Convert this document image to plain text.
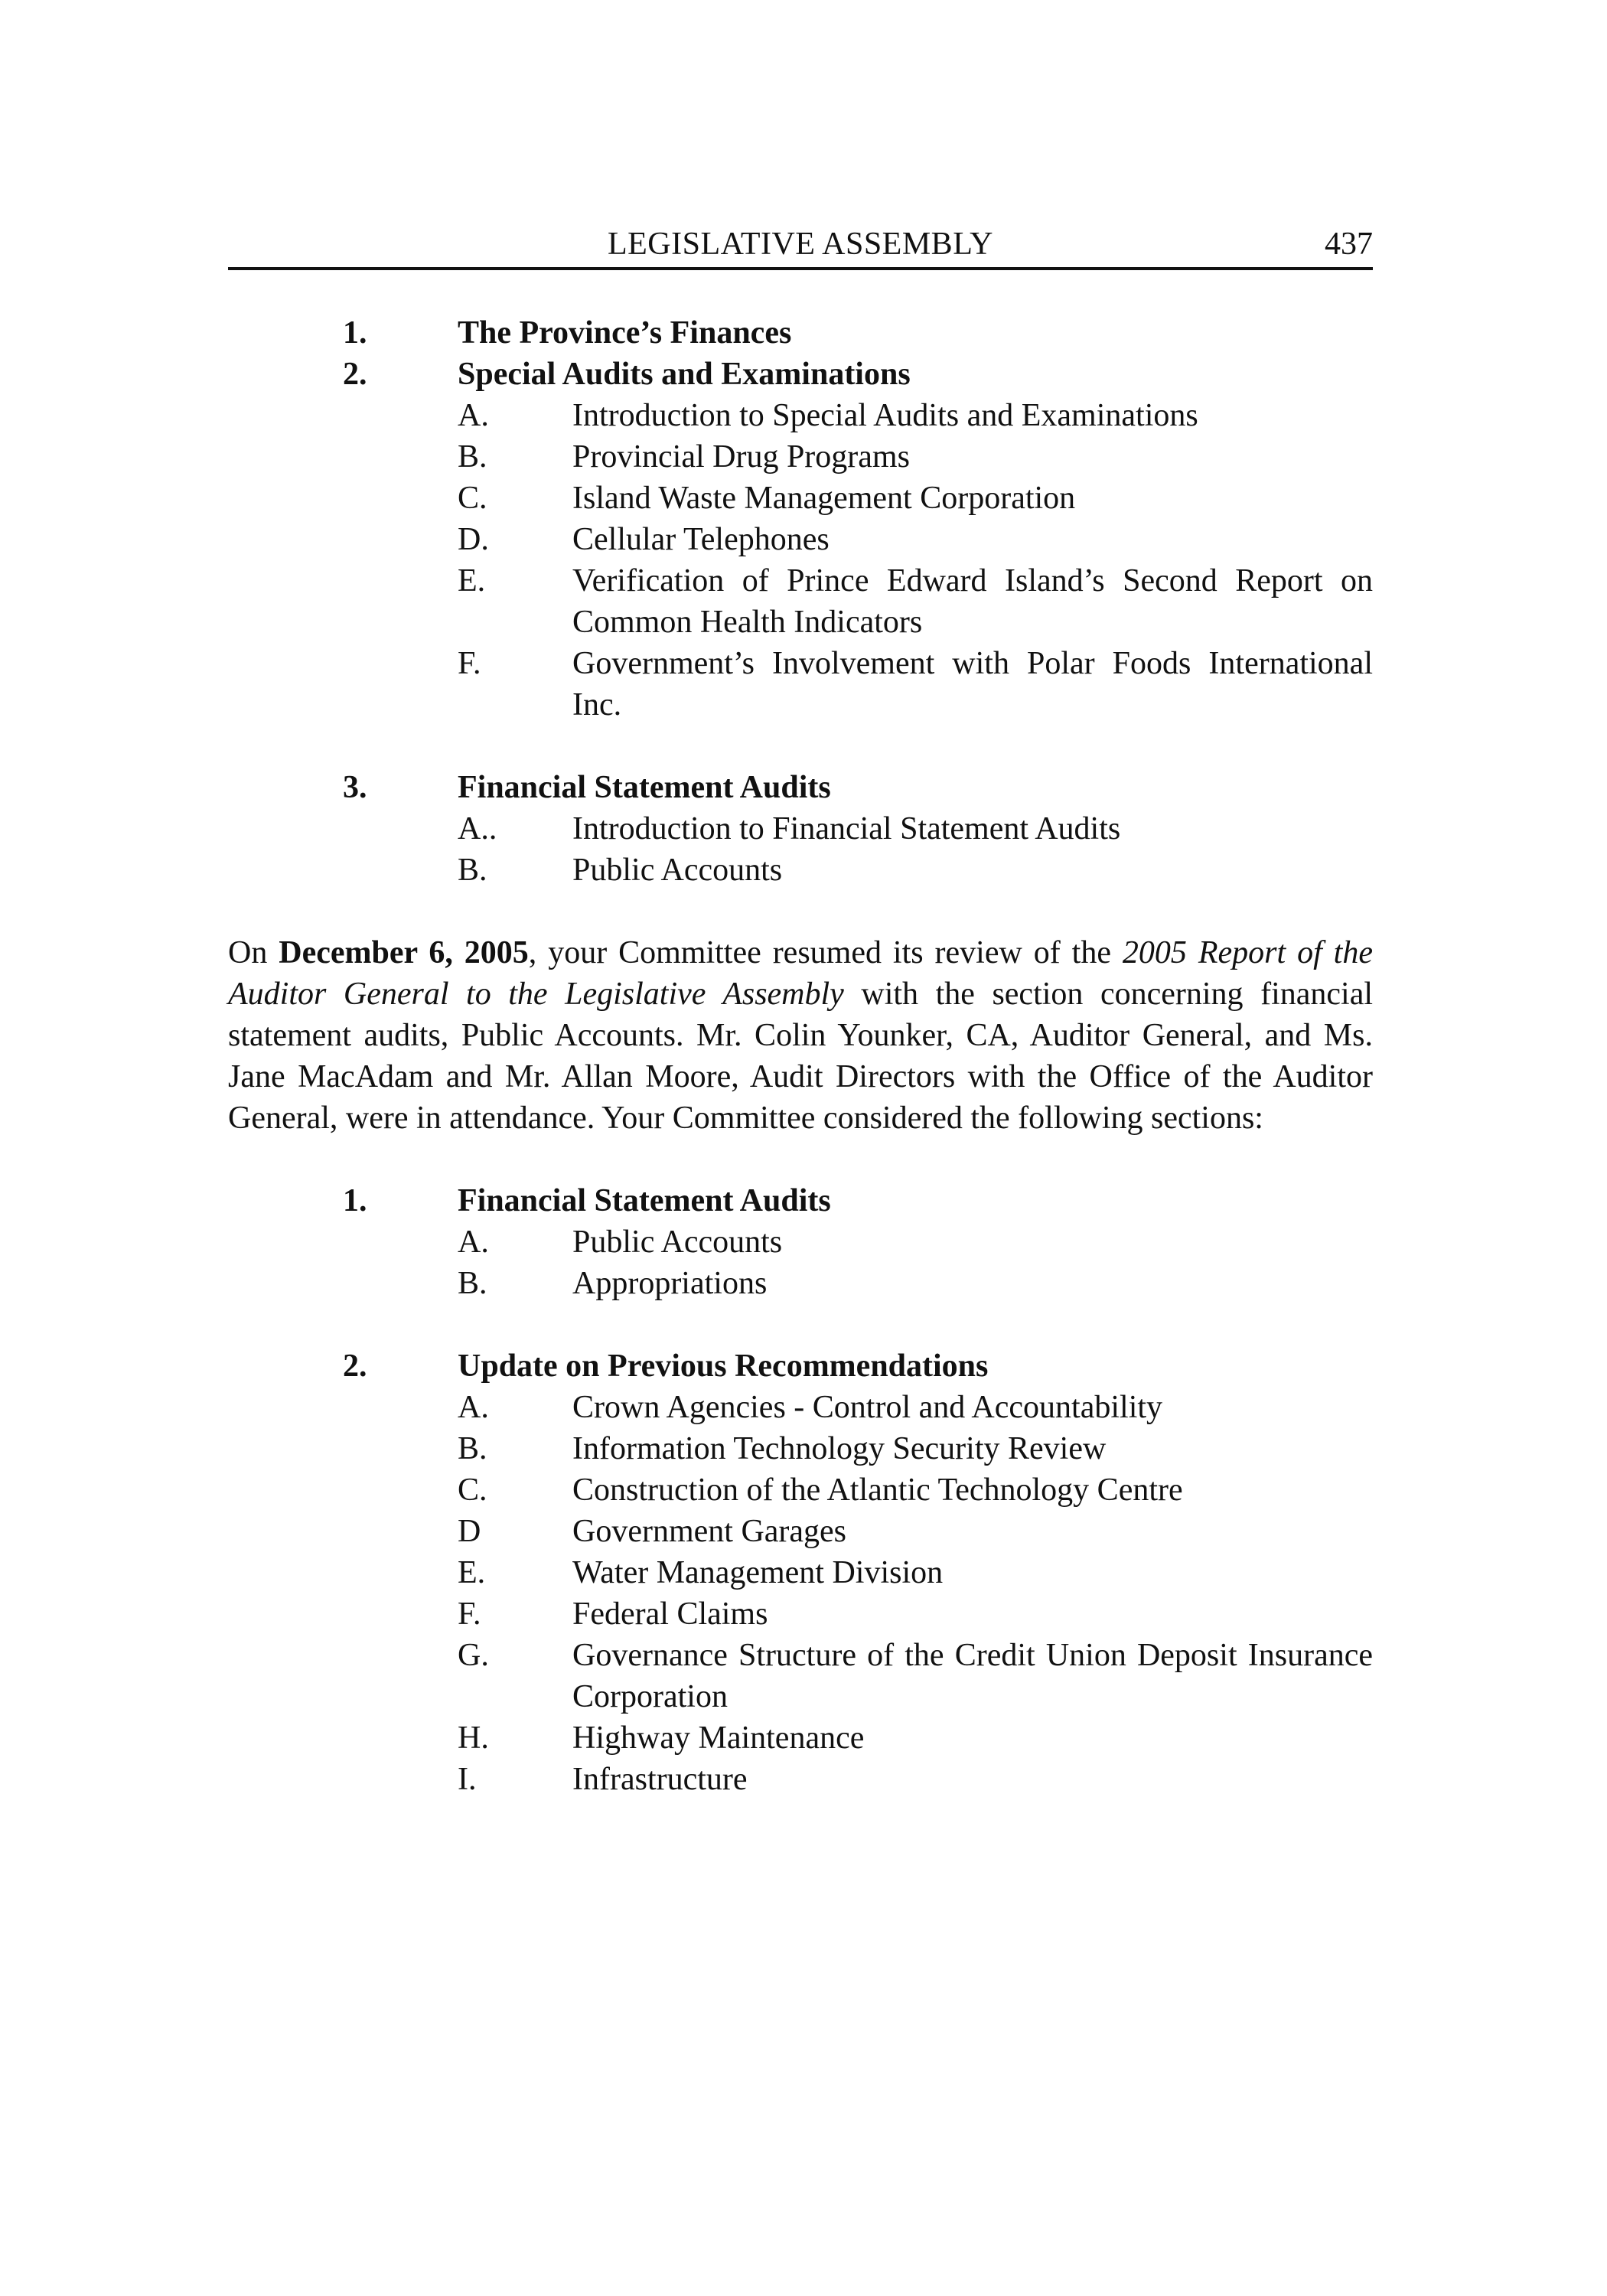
LEGISLATIVE ASSEMBLY	437
1.	The Province’s Finances
2.	Special Audits and Examinations
A.	Introduction to Special Audits and Examinations
B.	Provincial Drug Programs
C.	Island Waste Management Corporation
D.	Cellular Telephones
E.	Verification of Prince Edward Island’s Second Report on Common Health Indicators
F.	Government’s Involvement with Polar Foods International Inc.
3.	Financial Statement Audits
A..	Introduction to Financial Statement Audits
B.	Public Accounts

On December 6, 2005, your Committee resumed its review of the 2005 Report of the Auditor General to the Legislative Assembly with the section concerning financial statement audits, Public Accounts. Mr. Colin Younker, CA, Auditor General, and Ms. Jane MacAdam and Mr. Allan Moore, Audit Directors with the Office of the Auditor General, were in attendance. Your Committee considered the following sections:

1.	Financial Statement Audits
A.	Public Accounts
B.	Appropriations
2.	Update on Previous Recommendations
A.	Crown Agencies - Control and Accountability
B.	Information Technology Security Review
C.	Construction of the Atlantic Technology Centre
D	Government Garages
E.	Water Management Division
F.	Federal Claims
G.	Governance Structure of the Credit Union Deposit Insurance Corporation
H.	Highway Maintenance
I.	Infrastructure
